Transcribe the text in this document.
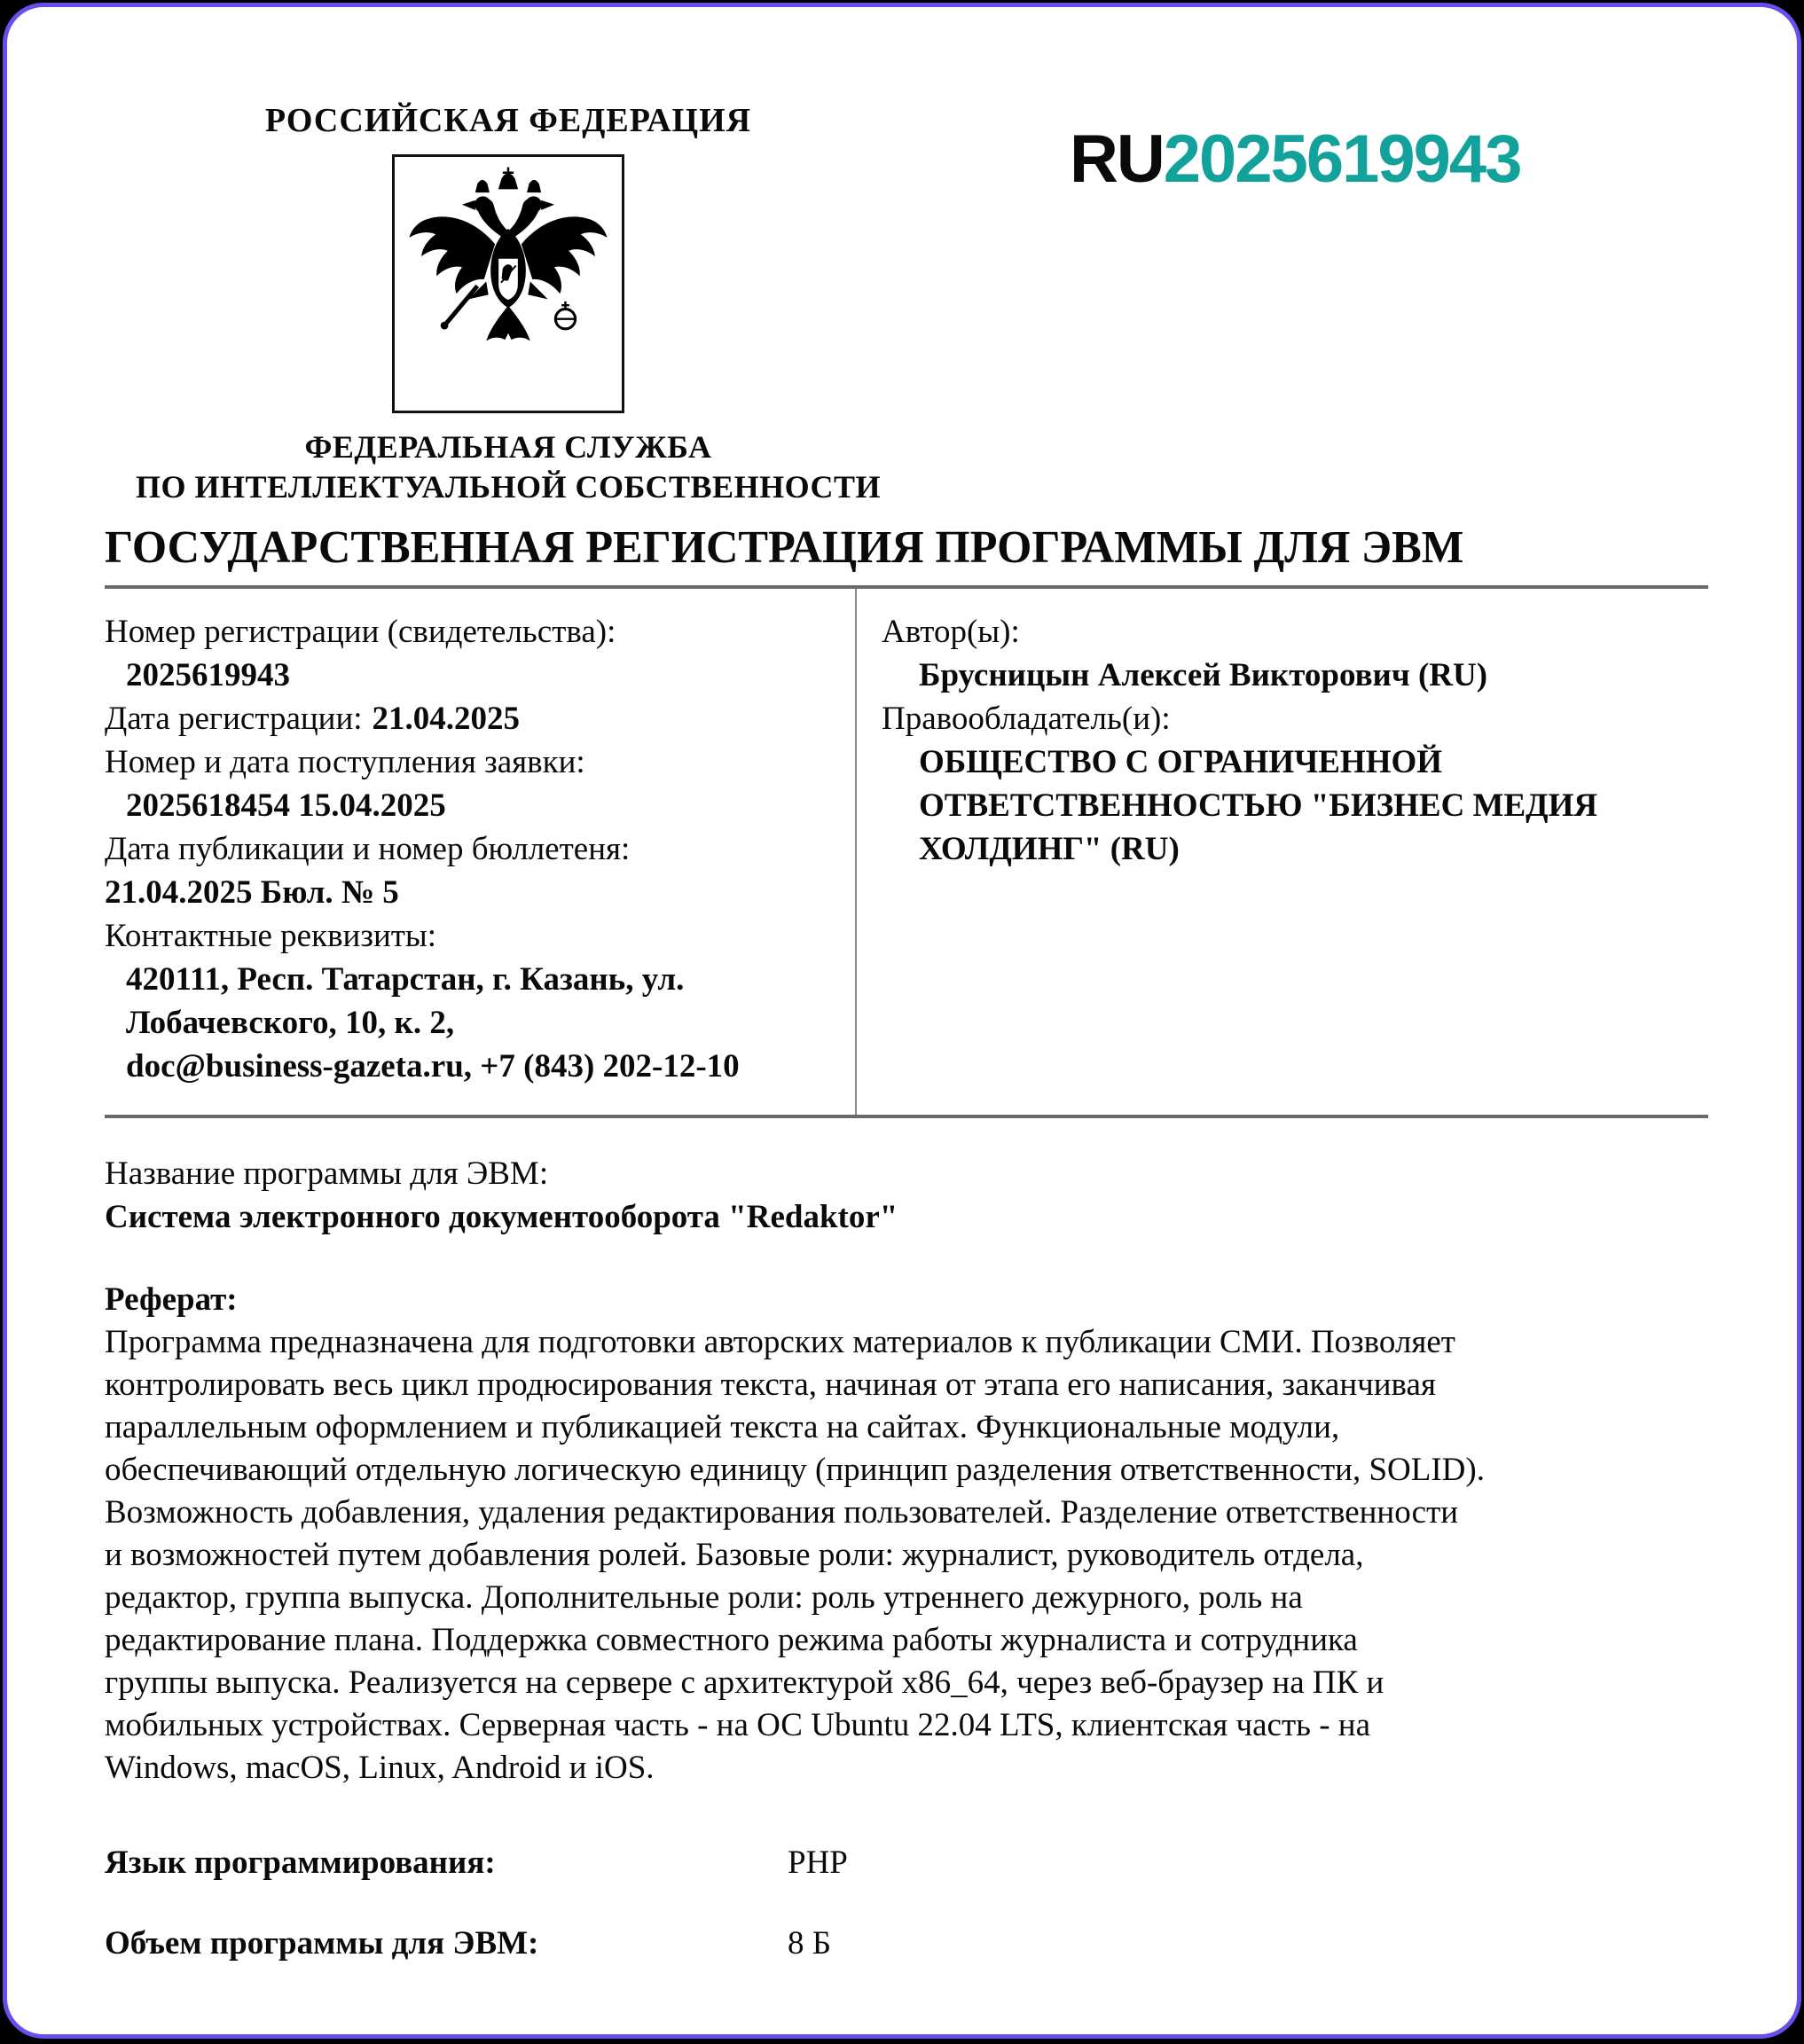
РОССИЙСКАЯ ФЕДЕРАЦИЯ
ФЕДЕРАЛЬНАЯ СЛУЖБА
ПО ИНТЕЛЛЕКТУАЛЬНОЙ СОБСТВЕННОСТИ
RU2025619943
ГОСУДАРСТВЕННАЯ РЕГИСТРАЦИЯ ПРОГРАММЫ ДЛЯ ЭВМ
Номер регистрации (свидетельства):
2025619943
Дата регистрации: 21.04.2025
Номер и дата поступления заявки:
2025618454 15.04.2025
Дата публикации и номер бюллетеня:
21.04.2025 Бюл. № 5
Контактные реквизиты:
420111, Респ. Татарстан, г. Казань, ул.
Лобачевского, 10, к. 2,
doc@business-gazeta.ru, +7 (843) 202-12-10
Автор(ы):
Брусницын Алексей Викторович (RU)
Правообладатель(и):
ОБЩЕСТВО С ОГРАНИЧЕННОЙ
ОТВЕТСТВЕННОСТЬЮ "БИЗНЕС МЕДИЯ
ХОЛДИНГ" (RU)
Название программы для ЭВМ:
Система электронного документооборота "Redaktor"
Реферат:
Программа предназначена для подготовки авторских материалов к публикации СМИ. Позволяет
контролировать весь цикл продюсирования текста, начиная от этапа его написания, заканчивая
параллельным оформлением и публикацией текста на сайтах. Функциональные модули,
обеспечивающий отдельную логическую единицу (принцип разделения ответственности, SOLID).
Возможность добавления, удаления редактирования пользователей. Разделение ответственности
и возможностей путем добавления ролей. Базовые роли: журналист, руководитель отдела,
редактор, группа выпуска. Дополнительные роли: роль утреннего дежурного, роль на
редактирование плана. Поддержка совместного режима работы журналиста и сотрудника
группы выпуска. Реализуется на сервере с архитектурой x86_64, через веб-браузер на ПК и
мобильных устройствах. Серверная часть - на ОС Ubuntu 22.04 LTS, клиентская часть - на
Windows, macOS, Linux, Android и iOS.
Язык программирования:	PHP
Объем программы для ЭВМ:	8 Б
